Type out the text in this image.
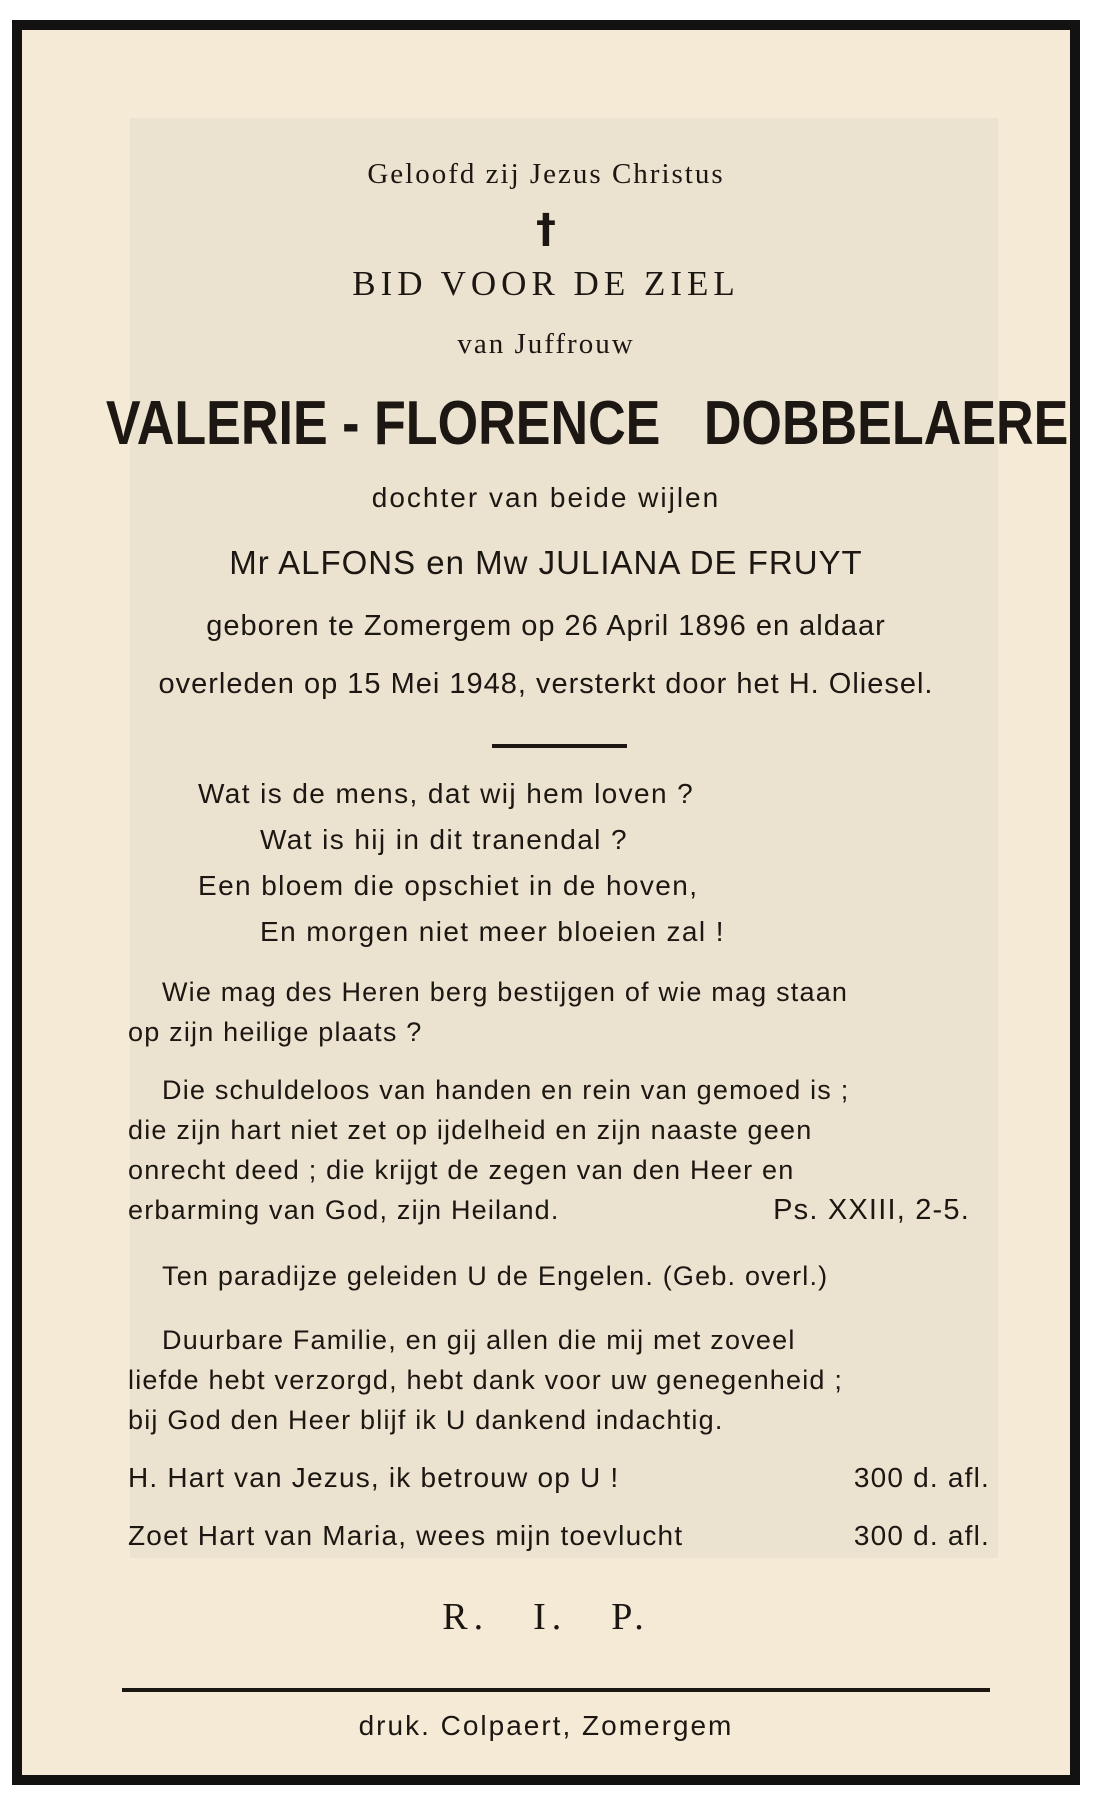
Geloofd zij Jezus Christus
†
BID VOOR DE ZIEL
van Juffrouw
VALERIE - FLORENCE   DOBBELAERE
dochter van beide wijlen
Mr ALFONS en Mw JULIANA DE FRUYT
geboren te Zomergem op 26 April 1896 en aldaar
overleden op 15 Mei 1948, versterkt door het H. Oliesel.
Wat is de mens, dat wij hem loven ?
Wat is hij in dit tranendal ?
Een bloem die opschiet in de hoven,
En morgen niet meer bloeien zal !
Wie mag des Heren berg bestijgen of wie mag staan
op zijn heilige plaats ?
Die schuldeloos van handen en rein van gemoed is ;
die zijn hart niet zet op ijdelheid en zijn naaste geen
onrecht deed ; die krijgt de zegen van den Heer en
erbarming van God, zijn Heiland.	Ps. XXIII, 2-5.
Ten paradijze geleiden U de Engelen. (Geb. overl.)
Duurbare Familie, en gij allen die mij met zoveel
liefde hebt verzorgd, hebt dank voor uw genegenheid ;
bij God den Heer blijf ik U dankend indachtig.
H. Hart van Jezus, ik betrouw op U !	300 d. afl.
Zoet Hart van Maria, wees mijn toevlucht	300 d. afl.
R. I. P.
druk. Colpaert, Zomergem
